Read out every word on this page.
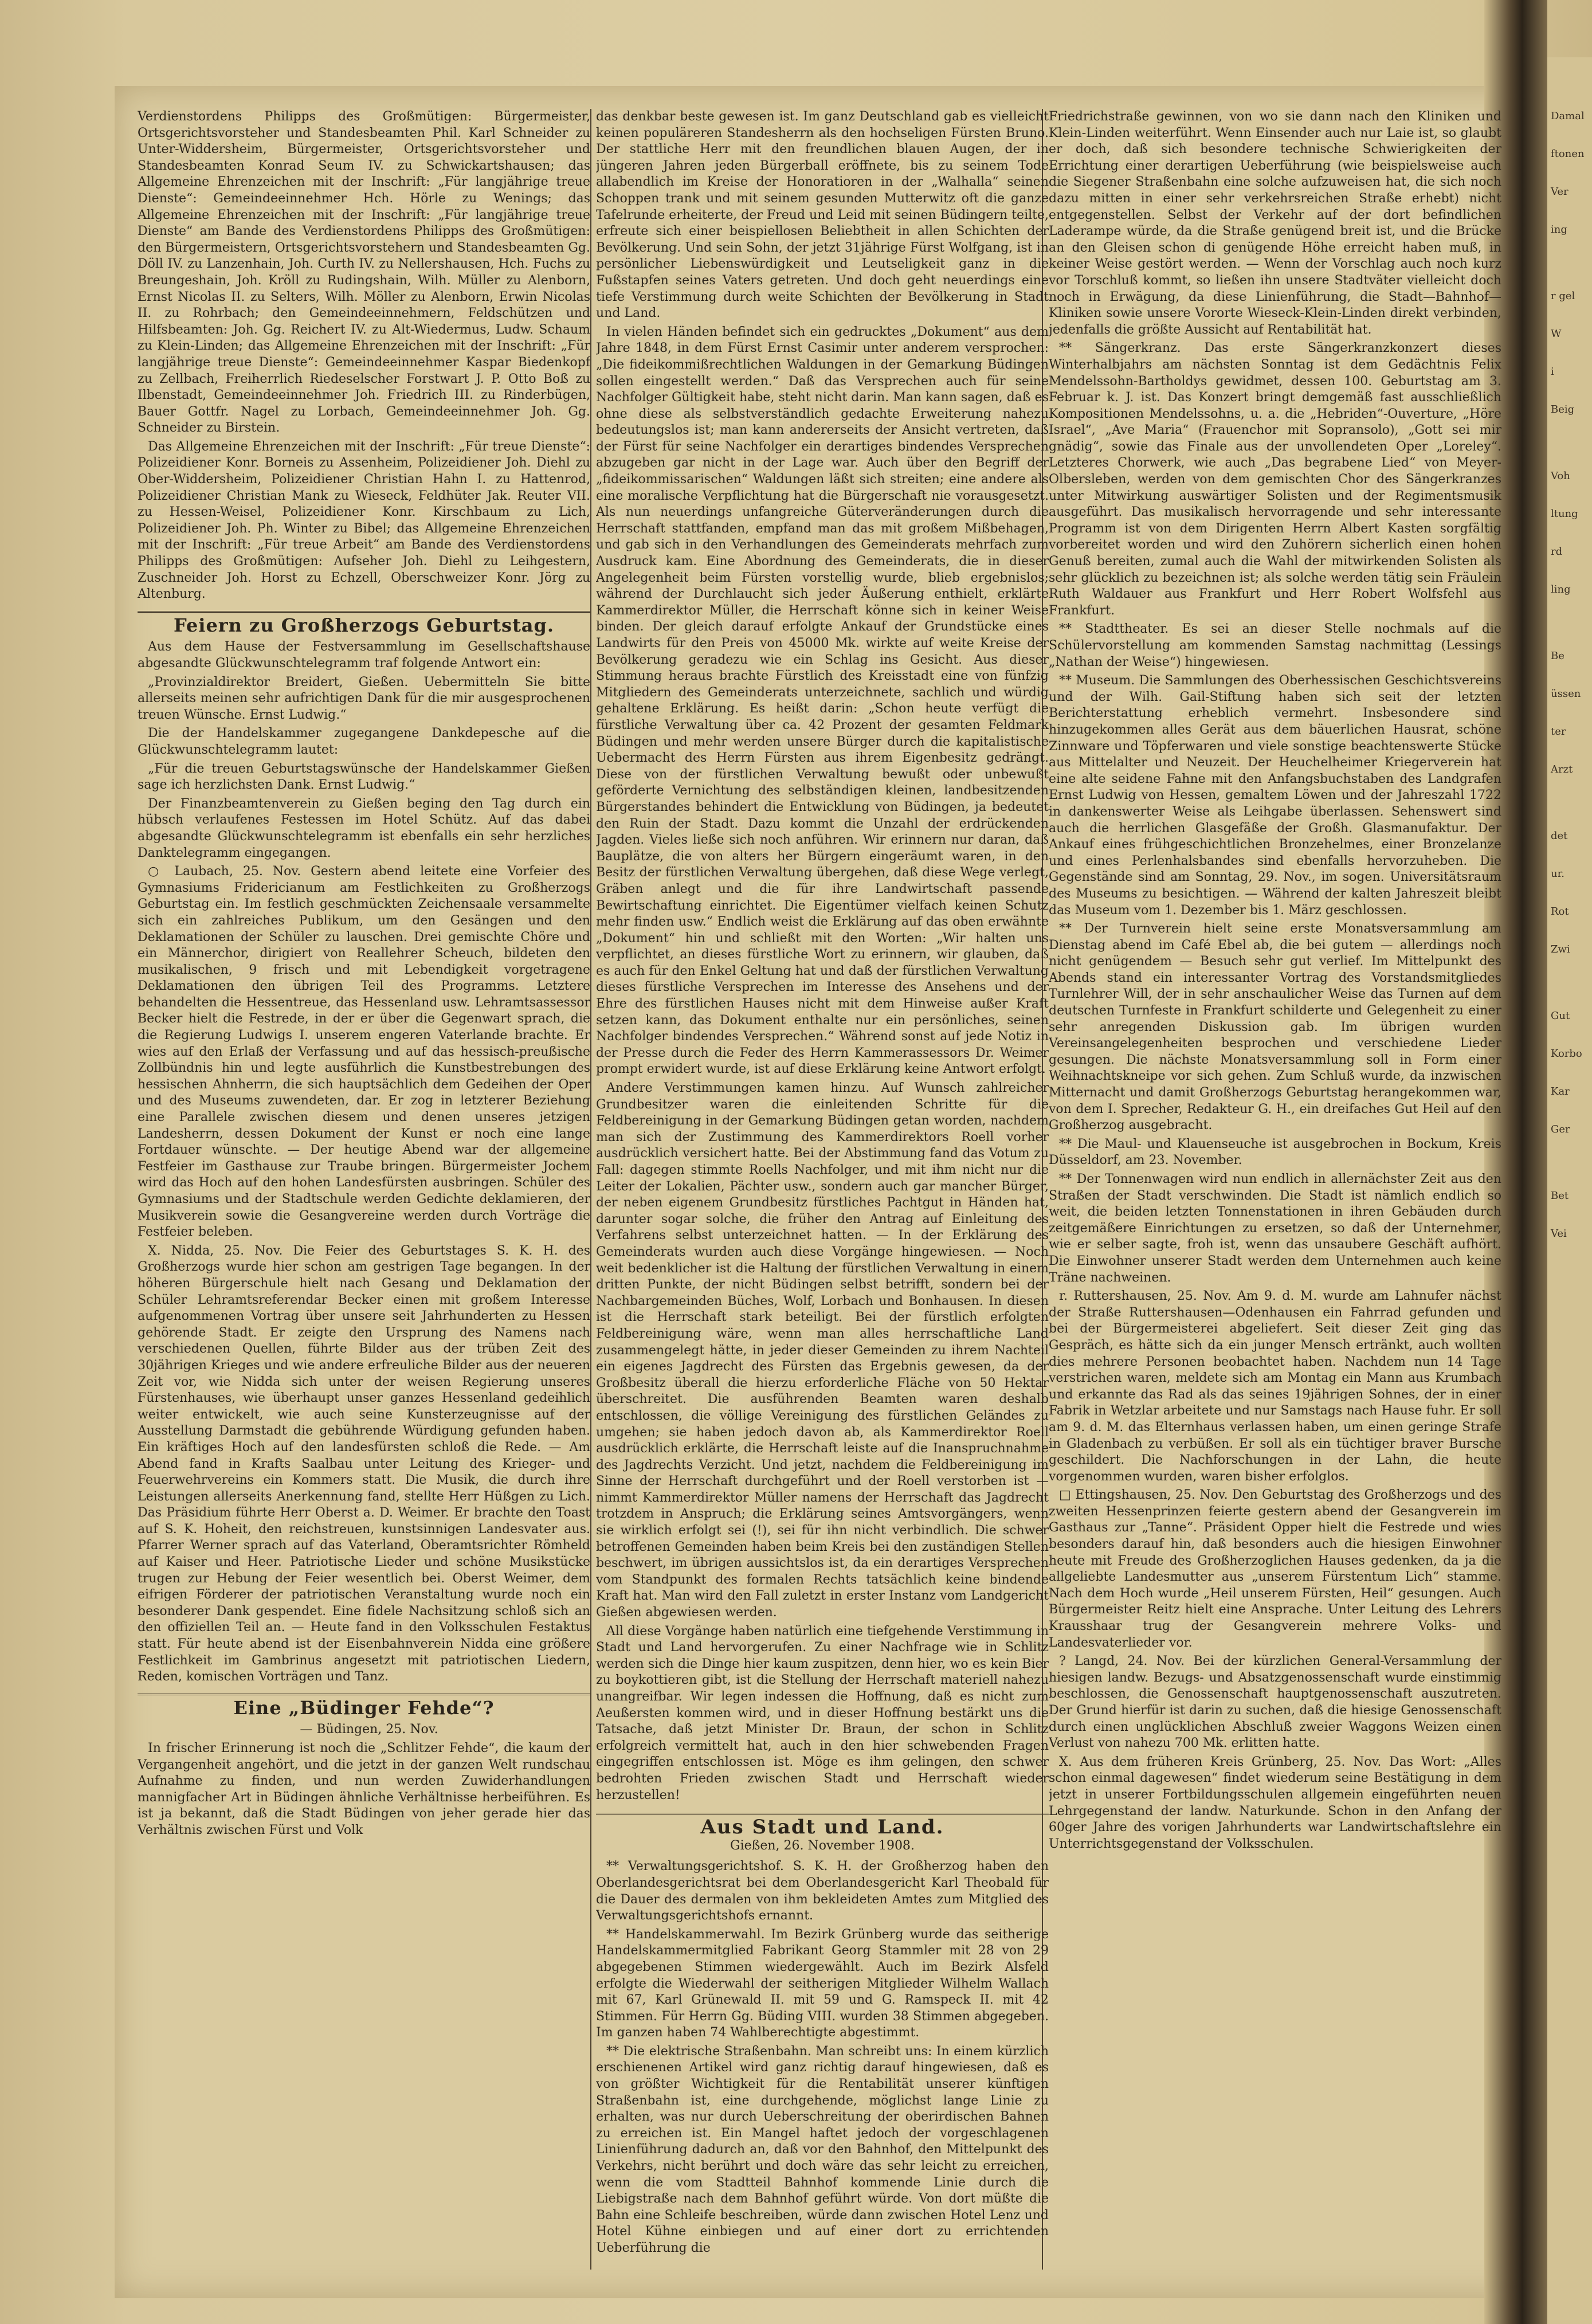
Damal
ftonen
Ver
ing
r gel
W
i
Beig
Voh
ltung
rd
ling
Be
üssen
ter
Arzt
det
ur.
Rot
Zwi
Gut
Korbo
Kar
Ger
Bet
Vei

Verdienstordens Philipps des Großmütigen: Bürgermeister, Ortsgerichtsvorsteher und Standesbeamten Phil. Karl Schneider zu Unter-Widdersheim, Bürgermeister, Ortsgerichtsvorsteher und Standesbeamten Konrad Seum IV. zu Schwickartshausen; das Allgemeine Ehrenzeichen mit der Inschrift: „Für langjährige treue Dienste“: Gemeindeeinnehmer Hch. Hörle zu Wenings; das Allgemeine Ehrenzeichen mit der Inschrift: „Für langjährige treue Dienste“ am Bande des Verdienstordens Philipps des Großmütigen: den Bürgermeistern, Ortsgerichtsvorstehern und Standesbeamten Gg. Döll IV. zu Lanzenhain, Joh. Curth IV. zu Nellershausen, Hch. Fuchs zu Breungeshain, Joh. Kröll zu Rudingshain, Wilh. Müller zu Alenborn, Ernst Nicolas II. zu Selters, Wilh. Möller zu Alenborn, Erwin Nicolas II. zu Rohrbach; den Gemeindeeinnehmern, Feldschützen und Hilfsbeamten: Joh. Gg. Reichert IV. zu Alt-Wiedermus, Ludw. Schaum zu Klein-Linden; das Allgemeine Ehrenzeichen mit der Inschrift: „Für langjährige treue Dienste“: Gemeindeeinnehmer Kaspar Biedenkopf zu Zellbach, Freiherrlich Riedeselscher Forstwart J. P. Otto Boß zu Ilbenstadt, Gemeindeeinnehmer Joh. Friedrich III. zu Rinderbügen, Bauer Gottfr. Nagel zu Lorbach, Gemeindeeinnehmer Joh. Gg. Schneider zu Birstein.

Das Allgemeine Ehrenzeichen mit der Inschrift: „Für treue Dienste“: Polizeidiener Konr. Borneis zu Assenheim, Polizeidiener Joh. Diehl zu Ober-Widdersheim, Polizeidiener Christian Hahn I. zu Hattenrod, Polizeidiener Christian Mank zu Wieseck, Feldhüter Jak. Reuter VII. zu Hessen-Weisel, Polizeidiener Konr. Kirschbaum zu Lich, Polizeidiener Joh. Ph. Winter zu Bibel; das Allgemeine Ehrenzeichen mit der Inschrift: „Für treue Arbeit“ am Bande des Verdienstordens Philipps des Großmütigen: Aufseher Joh. Diehl zu Leihgestern, Zuschneider Joh. Horst zu Echzell, Oberschweizer Konr. Jörg zu Altenburg.

Feiern zu Großherzogs Geburtstag.

Aus dem Hause der Festversammlung im Gesellschaftshause abgesandte Glückwunschtelegramm traf folgende Antwort ein:

„Provinzialdirektor Breidert, Gießen. Uebermitteln Sie bitte allerseits meinen sehr aufrichtigen Dank für die mir ausgesprochenen treuen Wünsche. Ernst Ludwig.“

Die der Handelskammer zugegangene Dankdepesche auf die Glückwunschtelegramm lautet:

„Für die treuen Geburtstagswünsche der Handelskammer Gießen sage ich herzlichsten Dank. Ernst Ludwig.“

Der Finanzbeamtenverein zu Gießen beging den Tag durch ein hübsch verlaufenes Festessen im Hotel Schütz. Auf das dabei abgesandte Glückwunschtelegramm ist ebenfalls ein sehr herzliches Danktelegramm eingegangen.

○ Laubach, 25. Nov. Gestern abend leitete eine Vorfeier des Gymnasiums Fridericianum am Festlichkeiten zu Großherzogs Geburtstag ein. Im festlich geschmückten Zeichensaale versammelte sich ein zahlreiches Publikum, um den Gesängen und den Deklamationen der Schüler zu lauschen. Drei gemischte Chöre und ein Männerchor, dirigiert von Reallehrer Scheuch, bildeten den musikalischen, 9 frisch und mit Lebendigkeit vorgetragene Deklamationen den übrigen Teil des Programms. Letztere behandelten die Hessentreue, das Hessenland usw. Lehramtsassessor Becker hielt die Festrede, in der er über die Gegenwart sprach, die die Regierung Ludwigs I. unserem engeren Vaterlande brachte. Er wies auf den Erlaß der Verfassung und auf das hessisch-preußische Zollbündnis hin und legte ausführlich die Kunstbestrebungen des hessischen Ahnherrn, die sich hauptsächlich dem Gedeihen der Oper und des Museums zuwendeten, dar. Er zog in letzterer Beziehung eine Parallele zwischen diesem und denen unseres jetzigen Landesherrn, dessen Dokument der Kunst er noch eine lange Fortdauer wünschte. — Der heutige Abend war der allgemeine Festfeier im Gasthause zur Traube bringen. Bürgermeister Jochem wird das Hoch auf den hohen Landesfürsten ausbringen. Schüler des Gymnasiums und der Stadtschule werden Gedichte deklamieren, der Musikverein sowie die Gesangvereine werden durch Vorträge die Festfeier beleben.

X. Nidda, 25. Nov. Die Feier des Geburtstages S. K. H. des Großherzogs wurde hier schon am gestrigen Tage begangen. In der höheren Bürgerschule hielt nach Gesang und Deklamation der Schüler Lehramtsreferendar Becker einen mit großem Interesse aufgenommenen Vortrag über unsere seit Jahrhunderten zu Hessen gehörende Stadt. Er zeigte den Ursprung des Namens nach verschiedenen Quellen, führte Bilder aus der trüben Zeit des 30jährigen Krieges und wie andere erfreuliche Bilder aus der neueren Zeit vor, wie Nidda sich unter der weisen Regierung unseres Fürstenhauses, wie überhaupt unser ganzes Hessenland gedeihlich weiter entwickelt, wie auch seine Kunsterzeugnisse auf der Ausstellung Darmstadt die gebührende Würdigung gefunden haben. Ein kräftiges Hoch auf den landesfürsten schloß die Rede. — Am Abend fand in Krafts Saalbau unter Leitung des Krieger- und Feuerwehrvereins ein Kommers statt. Die Musik, die durch ihre Leistungen allerseits Anerkennung fand, stellte Herr Hüßgen zu Lich. Das Präsidium führte Herr Oberst a. D. Weimer. Er brachte den Toast auf S. K. Hoheit, den reichstreuen, kunstsinnigen Landesvater aus. Pfarrer Werner sprach auf das Vaterland, Oberamtsrichter Römheld auf Kaiser und Heer. Patriotische Lieder und schöne Musikstücke trugen zur Hebung der Feier wesentlich bei. Oberst Weimer, dem eifrigen Förderer der patriotischen Veranstaltung wurde noch ein besonderer Dank gespendet. Eine fidele Nachsitzung schloß sich an den offiziellen Teil an. — Heute fand in den Volksschulen Festaktus statt. Für heute abend ist der Eisenbahnverein Nidda eine größere Festlichkeit im Gambrinus angesetzt mit patriotischen Liedern, Reden, komischen Vorträgen und Tanz.

Eine „Büdinger Fehde“?

— Büdingen, 25. Nov.

In frischer Erinnerung ist noch die „Schlitzer Fehde“, die kaum der Vergangenheit angehört, und die jetzt in der ganzen Welt rundschau Aufnahme zu finden, und nun werden Zuwiderhandlungen mannigfacher Art in Büdingen ähnliche Verhältnisse herbeiführen. Es ist ja bekannt, daß die Stadt Büdingen von jeher gerade hier das Verhältnis zwischen Fürst und Volk

das denkbar beste gewesen ist. Im ganz Deutschland gab es vielleicht keinen populäreren Standesherrn als den hochseligen Fürsten Bruno. Der stattliche Herr mit den freundlichen blauen Augen, der in jüngeren Jahren jeden Bürgerball eröffnete, bis zu seinem Tode allabendlich im Kreise der Honoratioren in der „Walhalla“ seinen Schoppen trank und mit seinem gesunden Mutterwitz oft die ganze Tafelrunde erheiterte, der Freud und Leid mit seinen Büdingern teilte, erfreute sich einer beispiellosen Beliebtheit in allen Schichten der Bevölkerung. Und sein Sohn, der jetzt 31jährige Fürst Wolfgang, ist in persönlicher Liebenswürdigkeit und Leutseligkeit ganz in die Fußstapfen seines Vaters getreten. Und doch geht neuerdings eine tiefe Verstimmung durch weite Schichten der Bevölkerung in Stadt und Land.

In vielen Händen befindet sich ein gedrucktes „Dokument“ aus dem Jahre 1848, in dem Fürst Ernst Casimir unter anderem versprochen: „Die fideikommißrechtlichen Waldungen in der Gemarkung Büdingen sollen eingestellt werden.“ Daß das Versprechen auch für seine Nachfolger Gültigkeit habe, steht nicht darin. Man kann sagen, daß es ohne diese als selbstverständlich gedachte Erweiterung nahezu bedeutungslos ist; man kann andererseits der Ansicht vertreten, daß der Fürst für seine Nachfolger ein derartiges bindendes Versprechen abzugeben gar nicht in der Lage war. Auch über den Begriff der „fideikommissarischen“ Waldungen läßt sich streiten; eine andere als eine moralische Verpflichtung hat die Bürgerschaft nie vorausgesetzt. Als nun neuerdings unfangreiche Güterveränderungen durch die Herrschaft stattfanden, empfand man das mit großem Mißbehagen, und gab sich in den Verhandlungen des Gemeinderats mehrfach zum Ausdruck kam. Eine Abordnung des Gemeinderats, die in dieser Angelegenheit beim Fürsten vorstellig wurde, blieb ergebnislos; während der Durchlaucht sich jeder Äußerung enthielt, erklärte Kammerdirektor Müller, die Herrschaft könne sich in keiner Weise binden. Der gleich darauf erfolgte Ankauf der Grundstücke eines Landwirts für den Preis von 45000 Mk. wirkte auf weite Kreise der Bevölkerung geradezu wie ein Schlag ins Gesicht. Aus dieser Stimmung heraus brachte Fürstlich des Kreisstadt eine von fünfzig Mitgliedern des Gemeinderats unterzeichnete, sachlich und würdig gehaltene Erklärung. Es heißt darin: „Schon heute verfügt die fürstliche Verwaltung über ca. 42 Prozent der gesamten Feldmark Büdingen und mehr werden unsere Bürger durch die kapitalistische Uebermacht des Herrn Fürsten aus ihrem Eigenbesitz gedrängt. Diese von der fürstlichen Verwaltung bewußt oder unbewußt geförderte Vernichtung des selbständigen kleinen, landbesitzenden Bürgerstandes behindert die Entwicklung von Büdingen, ja bedeutet den Ruin der Stadt. Dazu kommt die Unzahl der erdrückenden Jagden. Vieles ließe sich noch anführen. Wir erinnern nur daran, daß Bauplätze, die von alters her Bürgern eingeräumt waren, in den Besitz der fürstlichen Verwaltung übergehen, daß diese Wege verlegt, Gräben anlegt und die für ihre Landwirtschaft passende Bewirtschaftung einrichtet. Die Eigentümer vielfach keinen Schutz mehr finden usw.“ Endlich weist die Erklärung auf das oben erwähnte „Dokument“ hin und schließt mit den Worten: „Wir halten uns verpflichtet, an dieses fürstliche Wort zu erinnern, wir glauben, daß es auch für den Enkel Geltung hat und daß der fürstlichen Verwaltung dieses fürstliche Versprechen im Interesse des Ansehens und der Ehre des fürstlichen Hauses nicht mit dem Hinweise außer Kraft setzen kann, das Dokument enthalte nur ein persönliches, seinen Nachfolger bindendes Versprechen.“ Während sonst auf jede Notiz in der Presse durch die Feder des Herrn Kammerassessors Dr. Weimer prompt erwidert wurde, ist auf diese Erklärung keine Antwort erfolgt.

Andere Verstimmungen kamen hinzu. Auf Wunsch zahlreicher Grundbesitzer waren die einleitenden Schritte für die Feldbereinigung in der Gemarkung Büdingen getan worden, nachdem man sich der Zustimmung des Kammerdirektors Roell vorher ausdrücklich versichert hatte. Bei der Abstimmung fand das Votum zu Fall: dagegen stimmte Roells Nachfolger, und mit ihm nicht nur die Leiter der Lokalien, Pächter usw., sondern auch gar mancher Bürger, der neben eigenem Grundbesitz fürstliches Pachtgut in Händen hat, darunter sogar solche, die früher den Antrag auf Einleitung des Verfahrens selbst unterzeichnet hatten. — In der Erklärung des Gemeinderats wurden auch diese Vorgänge hingewiesen. — Noch weit bedenklicher ist die Haltung der fürstlichen Verwaltung in einem dritten Punkte, der nicht Büdingen selbst betrifft, sondern bei der Nachbargemeinden Büches, Wolf, Lorbach und Bonhausen. In diesen ist die Herrschaft stark beteiligt. Bei der fürstlich erfolgten Feldbereinigung wäre, wenn man alles herrschaftliche Land zusammengelegt hätte, in jeder dieser Gemeinden zu ihrem Nachteil ein eigenes Jagdrecht des Fürsten das Ergebnis gewesen, da der Großbesitz überall die hierzu erforderliche Fläche von 50 Hektar überschreitet. Die ausführenden Beamten waren deshalb entschlossen, die völlige Vereinigung des fürstlichen Geländes zu umgehen; sie haben jedoch davon ab, als Kammerdirektor Roell ausdrücklich erklärte, die Herrschaft leiste auf die Inanspruchnahme des Jagdrechts Verzicht. Und jetzt, nachdem die Feldbereinigung im Sinne der Herrschaft durchgeführt und der Roell verstorben ist — nimmt Kammerdirektor Müller namens der Herrschaft das Jagdrecht trotzdem in Anspruch; die Erklärung seines Amtsvorgängers, wenn sie wirklich erfolgt sei (!), sei für ihn nicht verbindlich. Die schwer betroffenen Gemeinden haben beim Kreis bei den zuständigen Stellen beschwert, im übrigen aussichtslos ist, da ein derartiges Versprechen vom Standpunkt des formalen Rechts tatsächlich keine bindende Kraft hat. Man wird den Fall zuletzt in erster Instanz vom Landgericht Gießen abgewiesen werden.

All diese Vorgänge haben natürlich eine tiefgehende Verstimmung in Stadt und Land hervorgerufen. Zu einer Nachfrage wie in Schlitz werden sich die Dinge hier kaum zuspitzen, denn hier, wo es kein Bier zu boykottieren gibt, ist die Stellung der Herrschaft materiell nahezu unangreifbar. Wir legen indessen die Hoffnung, daß es nicht zum Aeußersten kommen wird, und in dieser Hoffnung bestärkt uns die Tatsache, daß jetzt Minister Dr. Braun, der schon in Schlitz erfolgreich vermittelt hat, auch in den hier schwebenden Fragen eingegriffen entschlossen ist. Möge es ihm gelingen, den schwer bedrohten Frieden zwischen Stadt und Herrschaft wieder herzustellen!

Aus Stadt und Land.
Gießen, 26. November 1908.

** Verwaltungsgerichtshof. S. K. H. der Großherzog haben den Oberlandesgerichtsrat bei dem Oberlandesgericht Karl Theobald für die Dauer des dermalen von ihm bekleideten Amtes zum Mitglied des Verwaltungsgerichtshofs ernannt.

** Handelskammerwahl. Im Bezirk Grünberg wurde das seitherige Handelskammermitglied Fabrikant Georg Stammler mit 28 von 29 abgegebenen Stimmen wiedergewählt. Auch im Bezirk Alsfeld erfolgte die Wiederwahl der seitherigen Mitglieder Wilhelm Wallach mit 67, Karl Grünewald II. mit 59 und G. Ramspeck II. mit 42 Stimmen. Für Herrn Gg. Büding VIII. wurden 38 Stimmen abgegeben. Im ganzen haben 74 Wahlberechtigte abgestimmt.

** Die elektrische Straßenbahn. Man schreibt uns: In einem kürzlich erschienenen Artikel wird ganz richtig darauf hingewiesen, daß es von größter Wichtigkeit für die Rentabilität unserer künftigen Straßenbahn ist, eine durchgehende, möglichst lange Linie zu erhalten, was nur durch Ueberschreitung der oberirdischen Bahnen zu erreichen ist. Ein Mangel haftet jedoch der vorgeschlagenen Linienführung dadurch an, daß vor den Bahnhof, den Mittelpunkt des Verkehrs, nicht berührt und doch wäre das sehr leicht zu erreichen, wenn die vom Stadtteil Bahnhof kommende Linie durch die Liebigstraße nach dem Bahnhof geführt würde. Von dort müßte die Bahn eine Schleife beschreiben, würde dann zwischen Hotel Lenz und Hotel Kühne einbiegen und auf einer dort zu errichtenden Ueberführung die

Friedrichstraße gewinnen, von wo sie dann nach den Kliniken und Klein-Linden weiterführt. Wenn Einsender auch nur Laie ist, so glaubt er doch, daß sich besondere technische Schwierigkeiten der Errichtung einer derartigen Ueberführung (wie beispielsweise auch die Siegener Straßenbahn eine solche aufzuweisen hat, die sich noch dazu mitten in einer sehr verkehrsreichen Straße erhebt) nicht entgegenstellen. Selbst der Verkehr auf der dort befindlichen Laderampe würde, da die Straße genügend breit ist, und die Brücke an den Gleisen schon di genügende Höhe erreicht haben muß, in keiner Weise gestört werden. — Wenn der Vorschlag auch noch kurz vor Torschluß kommt, so ließen ihn unsere Stadtväter vielleicht doch noch in Erwägung, da diese Linienführung, die Stadt—Bahnhof—Kliniken sowie unsere Vororte Wieseck-Klein-Linden direkt verbinden, jedenfalls die größte Aussicht auf Rentabilität hat.

** Sängerkranz. Das erste Sängerkranzkonzert dieses Winterhalbjahrs am nächsten Sonntag ist dem Gedächtnis Felix Mendelssohn-Bartholdys gewidmet, dessen 100. Geburtstag am 3. Februar k. J. ist. Das Konzert bringt demgemäß fast ausschließlich Kompositionen Mendelssohns, u. a. die „Hebriden“-Ouverture, „Höre Israel“, „Ave Maria“ (Frauenchor mit Sopransolo), „Gott sei mir gnädig“, sowie das Finale aus der unvollendeten Oper „Loreley“. Letzteres Chorwerk, wie auch „Das begrabene Lied“ von Meyer-Olbersleben, werden von dem gemischten Chor des Sängerkranzes unter Mitwirkung auswärtiger Solisten und der Regimentsmusik ausgeführt. Das musikalisch hervorragende und sehr interessante Programm ist von dem Dirigenten Herrn Albert Kasten sorgfältig vorbereitet worden und wird den Zuhörern sicherlich einen hohen Genuß bereiten, zumal auch die Wahl der mitwirkenden Solisten als sehr glücklich zu bezeichnen ist; als solche werden tätig sein Fräulein Ruth Waldauer aus Frankfurt und Herr Robert Wolfsfehl aus Frankfurt.

** Stadttheater. Es sei an dieser Stelle nochmals auf die Schülervorstellung am kommenden Samstag nachmittag (Lessings „Nathan der Weise“) hingewiesen.

** Museum. Die Sammlungen des Oberhessischen Geschichtsvereins und der Wilh. Gail-Stiftung haben sich seit der letzten Berichterstattung erheblich vermehrt. Insbesondere sind hinzugekommen alles Gerät aus dem bäuerlichen Hausrat, schöne Zinnware und Töpferwaren und viele sonstige beachtenswerte Stücke aus Mittelalter und Neuzeit. Der Heuchelheimer Kriegerverein hat eine alte seidene Fahne mit den Anfangsbuchstaben des Landgrafen Ernst Ludwig von Hessen, gemaltem Löwen und der Jahreszahl 1722 in dankenswerter Weise als Leihgabe überlassen. Sehenswert sind auch die herrlichen Glasgefäße der Großh. Glasmanufaktur. Der Ankauf eines frühgeschichtlichen Bronzehelmes, einer Bronzelanze und eines Perlenhalsbandes sind ebenfalls hervorzuheben. Die Gegenstände sind am Sonntag, 29. Nov., im sogen. Universitätsraum des Museums zu besichtigen. — Während der kalten Jahreszeit bleibt das Museum vom 1. Dezember bis 1. März geschlossen.

** Der Turnverein hielt seine erste Monatsversammlung am Dienstag abend im Café Ebel ab, die bei gutem — allerdings noch nicht genügendem — Besuch sehr gut verlief. Im Mittelpunkt des Abends stand ein interessanter Vortrag des Vorstandsmitgliedes Turnlehrer Will, der in sehr anschaulicher Weise das Turnen auf dem deutschen Turnfeste in Frankfurt schilderte und Gelegenheit zu einer sehr anregenden Diskussion gab. Im übrigen wurden Vereinsangelegenheiten besprochen und verschiedene Lieder gesungen. Die nächste Monatsversammlung soll in Form einer Weihnachtskneipe vor sich gehen. Zum Schluß wurde, da inzwischen Mitternacht und damit Großherzogs Geburtstag herangekommen war, von dem I. Sprecher, Redakteur G. H., ein dreifaches Gut Heil auf den Großherzog ausgebracht.

** Die Maul- und Klauenseuche ist ausgebrochen in Bockum, Kreis Düsseldorf, am 23. November.

** Der Tonnenwagen wird nun endlich in allernächster Zeit aus den Straßen der Stadt verschwinden. Die Stadt ist nämlich endlich so weit, die beiden letzten Tonnenstationen in ihren Gebäuden durch zeitgemäßere Einrichtungen zu ersetzen, so daß der Unternehmer, wie er selber sagte, froh ist, wenn das unsaubere Geschäft aufhört. Die Einwohner unserer Stadt werden dem Unternehmen auch keine Träne nachweinen.

r. Ruttershausen, 25. Nov. Am 9. d. M. wurde am Lahnufer nächst der Straße Ruttershausen—Odenhausen ein Fahrrad gefunden und bei der Bürgermeisterei abgeliefert. Seit dieser Zeit ging das Gespräch, es hätte sich da ein junger Mensch ertränkt, auch wollten dies mehrere Personen beobachtet haben. Nachdem nun 14 Tage verstrichen waren, meldete sich am Montag ein Mann aus Krumbach und erkannte das Rad als das seines 19jährigen Sohnes, der in einer Fabrik in Wetzlar arbeitete und nur Samstags nach Hause fuhr. Er soll am 9. d. M. das Elternhaus verlassen haben, um einen geringe Strafe in Gladenbach zu verbüßen. Er soll als ein tüchtiger braver Bursche geschildert. Die Nachforschungen in der Lahn, die heute vorgenommen wurden, waren bisher erfolglos.

□ Ettingshausen, 25. Nov. Den Geburtstag des Großherzogs und des zweiten Hessenprinzen feierte gestern abend der Gesangverein im Gasthaus zur „Tanne“. Präsident Opper hielt die Festrede und wies besonders darauf hin, daß besonders auch die hiesigen Einwohner heute mit Freude des Großherzoglichen Hauses gedenken, da ja die allgeliebte Landesmutter aus „unserem Fürstentum Lich“ stamme. Nach dem Hoch wurde „Heil unserem Fürsten, Heil“ gesungen. Auch Bürgermeister Reitz hielt eine Ansprache. Unter Leitung des Lehrers Krausshaar trug der Gesangverein mehrere Volks- und Landesvaterlieder vor.

? Langd, 24. Nov. Bei der kürzlichen General-Versammlung der hiesigen landw. Bezugs- und Absatzgenossenschaft wurde einstimmig beschlossen, die Genossenschaft hauptgenossenschaft auszutreten. Der Grund hierfür ist darin zu suchen, daß die hiesige Genossenschaft durch einen unglücklichen Abschluß zweier Waggons Weizen einen Verlust von nahezu 700 Mk. erlitten hatte.

X. Aus dem früheren Kreis Grünberg, 25. Nov. Das Wort: „Alles schon einmal dagewesen“ findet wiederum seine Bestätigung in dem jetzt in unserer Fortbildungsschulen allgemein eingeführten neuen Lehrgegenstand der landw. Naturkunde. Schon in den Anfang der 60ger Jahre des vorigen Jahrhunderts war Landwirtschaftslehre ein Unterrichtsgegenstand der Volksschulen.
